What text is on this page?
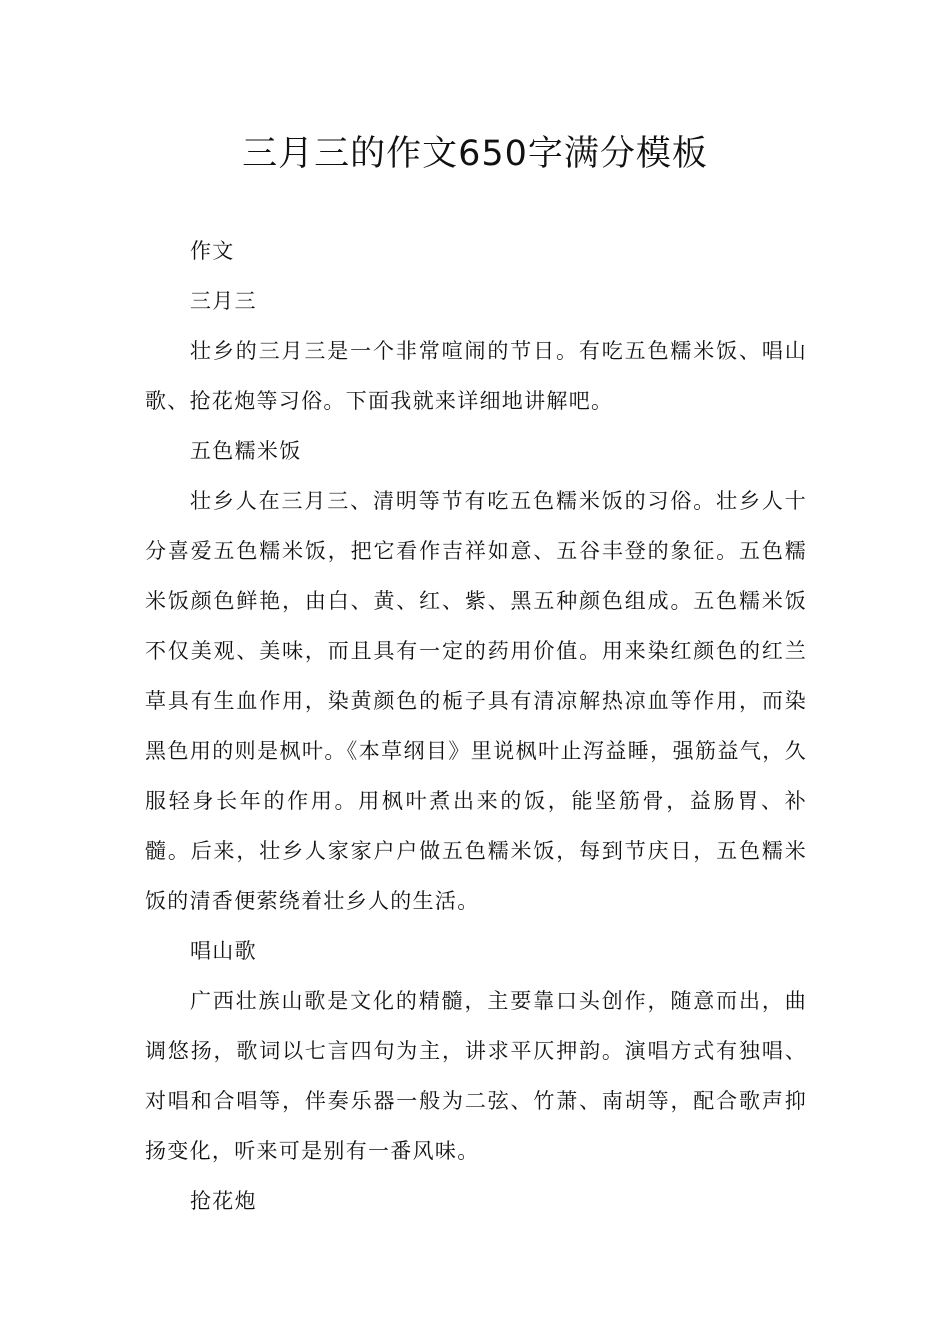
三月三的作文650字满分模板

作文

三月三

壮乡的三月三是一个非常喧闹的节日。有吃五色糯米饭、唱山歌、抢花炮等习俗。下面我就来详细地讲解吧。

五色糯米饭

壮乡人在三月三、清明等节有吃五色糯米饭的习俗。壮乡人十分喜爱五色糯米饭，把它看作吉祥如意、五谷丰登的象征。五色糯米饭颜色鲜艳，由白、黄、红、紫、黑五种颜色组成。五色糯米饭不仅美观、美味，而且具有一定的药用价值。用来染红颜色的红兰草具有生血作用，染黄颜色的栀子具有清凉解热凉血等作用，而染黑色用的则是枫叶。《本草纲目》里说枫叶止泻益睡，强筋益气，久服轻身长年的作用。用枫叶煮出来的饭，能坚筋骨，益肠胃、补髓。后来，壮乡人家家户户做五色糯米饭，每到节庆日，五色糯米饭的清香便萦绕着壮乡人的生活。

唱山歌

广西壮族山歌是文化的精髓，主要靠口头创作，随意而出，曲调悠扬，歌词以七言四句为主，讲求平仄押韵。演唱方式有独唱、对唱和合唱等，伴奏乐器一般为二弦、竹萧、南胡等，配合歌声抑扬变化，听来可是别有一番风味。

抢花炮
